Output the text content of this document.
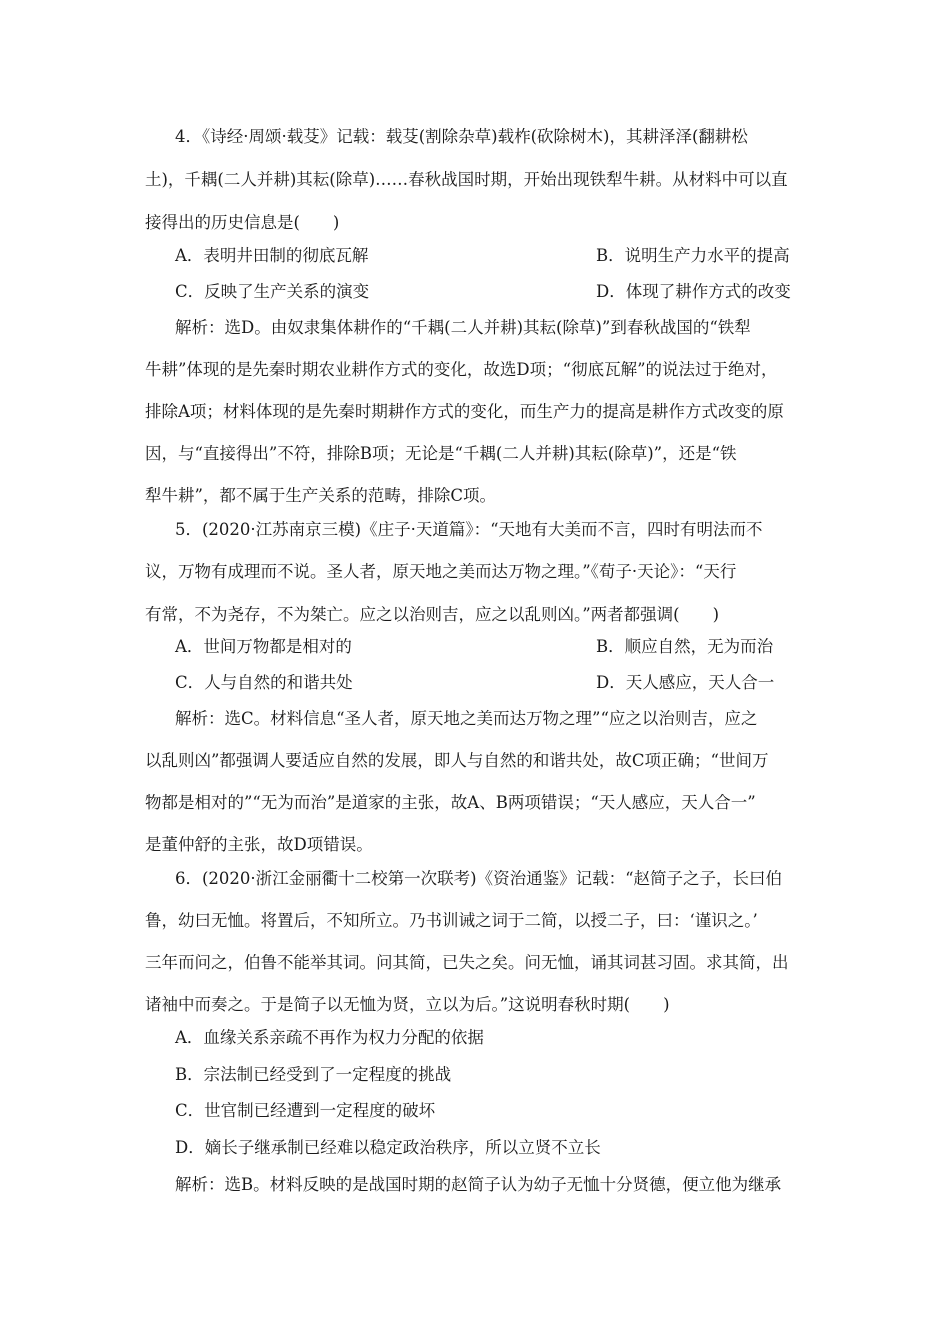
4．《诗经·周颂·载芟》记载：载芟(割除杂草)载柞(砍除树木)，其耕泽泽(翻耕松
土)，千耦(二人并耕)其耘(除草)……春秋战国时期，开始出现铁犁牛耕。从材料中可以直
接得出的历史信息是(　　)
A．表明井田制的彻底瓦解	B．说明生产力水平的提高
C．反映了生产关系的演变	D．体现了耕作方式的改变
解析：选D。由奴隶集体耕作的“千耦(二人并耕)其耘(除草)”到春秋战国的“铁犁
牛耕”体现的是先秦时期农业耕作方式的变化，故选D项；“彻底瓦解”的说法过于绝对，
排除A项；材料体现的是先秦时期耕作方式的变化，而生产力的提高是耕作方式改变的原
因，与“直接得出”不符，排除B项；无论是“千耦(二人并耕)其耘(除草)”，还是“铁
犁牛耕”，都不属于生产关系的范畴，排除C项。
5．(2020·江苏南京三模)《庄子·天道篇》：“天地有大美而不言，四时有明法而不
议，万物有成理而不说。圣人者，原天地之美而达万物之理。”《荀子·天论》：“天行
有常，不为尧存，不为桀亡。应之以治则吉，应之以乱则凶。”两者都强调(　　)
A．世间万物都是相对的	B．顺应自然，无为而治
C．人与自然的和谐共处	D．天人感应，天人合一
解析：选C。材料信息“圣人者，原天地之美而达万物之理”“应之以治则吉，应之
以乱则凶”都强调人要适应自然的发展，即人与自然的和谐共处，故C项正确；“世间万
物都是相对的”“无为而治”是道家的主张，故A、B两项错误；“天人感应，天人合一”
是董仲舒的主张，故D项错误。
6．(2020·浙江金丽衢十二校第一次联考)《资治通鉴》记载：“赵简子之子，长曰伯
鲁，幼曰无恤。将置后，不知所立。乃书训诫之词于二简，以授二子，曰：‘谨识之。’
三年而问之，伯鲁不能举其词。问其简，已失之矣。问无恤，诵其词甚习固。求其简，出
诸袖中而奏之。于是简子以无恤为贤，立以为后。”这说明春秋时期(　　)
A．血缘关系亲疏不再作为权力分配的依据
B．宗法制已经受到了一定程度的挑战
C．世官制已经遭到一定程度的破坏
D．嫡长子继承制已经难以稳定政治秩序，所以立贤不立长
解析：选B。材料反映的是战国时期的赵简子认为幼子无恤十分贤德，便立他为继承
